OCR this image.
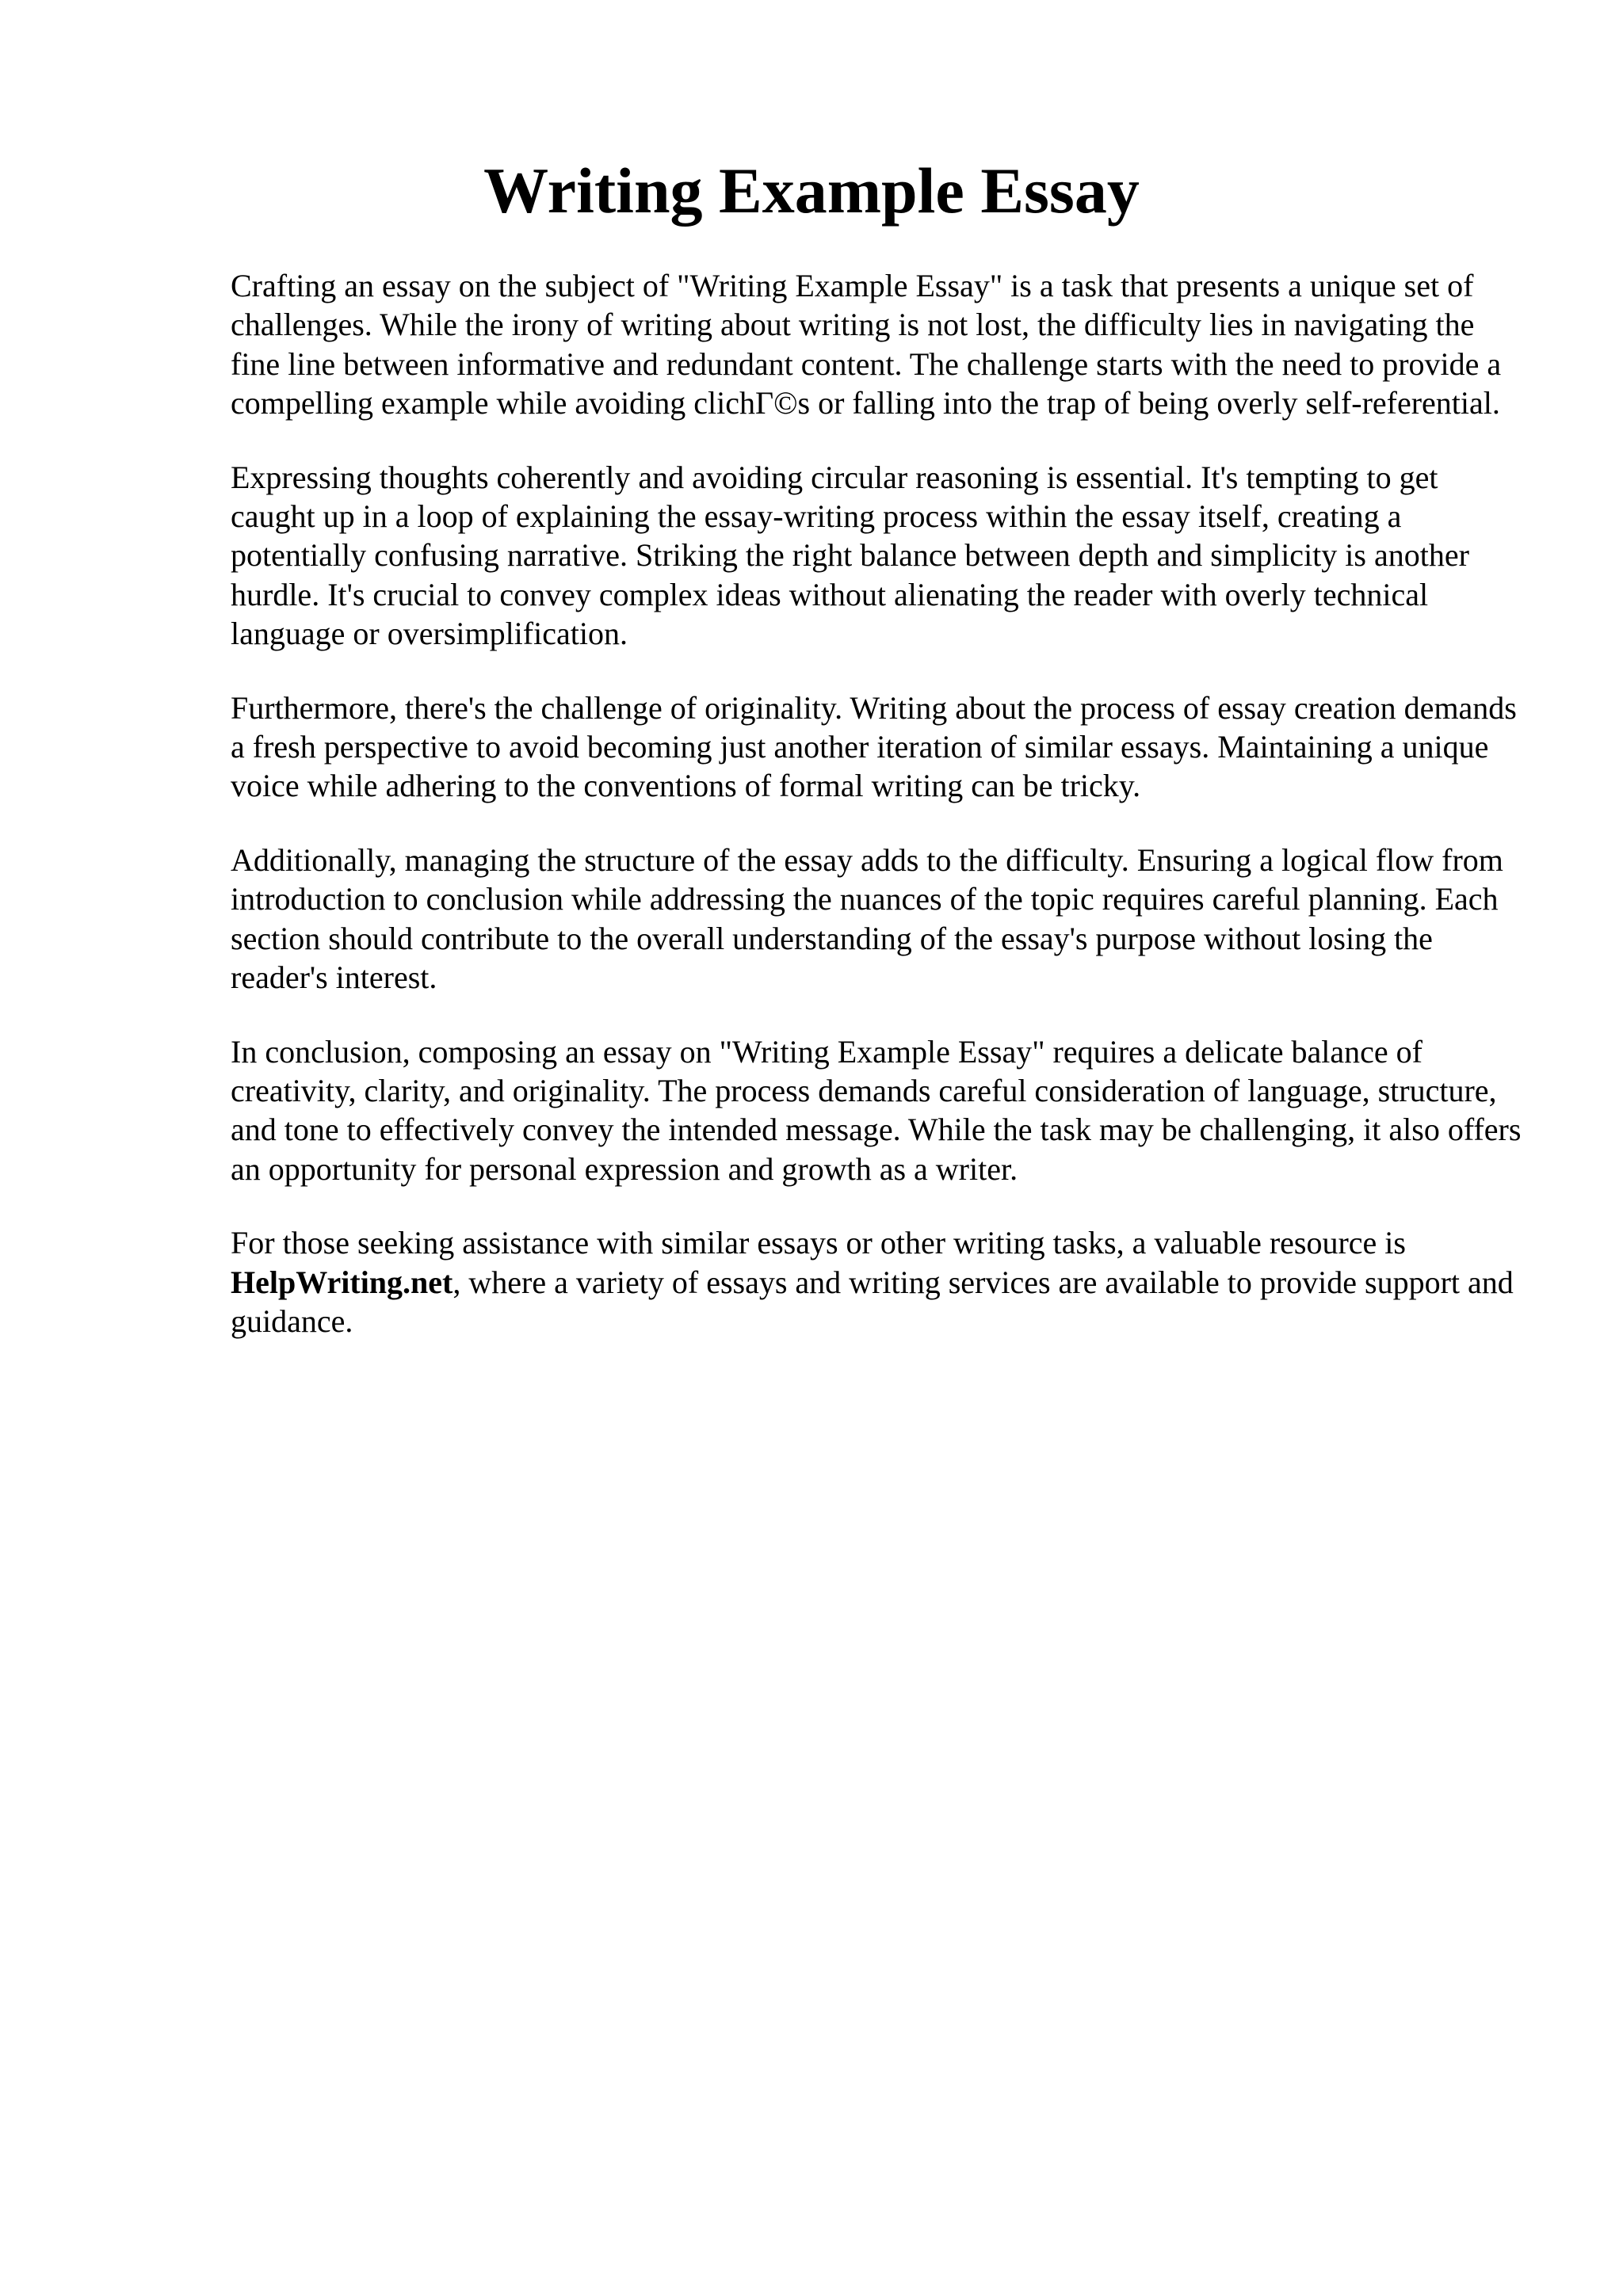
Writing Example Essay

Crafting an essay on the subject of "Writing Example Essay" is a task that presents a unique set of challenges. While the irony of writing about writing is not lost, the difficulty lies in navigating the fine line between informative and redundant content. The challenge starts with the need to provide a compelling example while avoiding clichΓ©s or falling into the trap of being overly self-referential.

Expressing thoughts coherently and avoiding circular reasoning is essential. It's tempting to get caught up in a loop of explaining the essay-writing process within the essay itself, creating a potentially confusing narrative. Striking the right balance between depth and simplicity is another hurdle. It's crucial to convey complex ideas without alienating the reader with overly technical language or oversimplification.

Furthermore, there's the challenge of originality. Writing about the process of essay creation demands a fresh perspective to avoid becoming just another iteration of similar essays. Maintaining a unique voice while adhering to the conventions of formal writing can be tricky.

Additionally, managing the structure of the essay adds to the difficulty. Ensuring a logical flow from introduction to conclusion while addressing the nuances of the topic requires careful planning. Each section should contribute to the overall understanding of the essay's purpose without losing the reader's interest.

In conclusion, composing an essay on "Writing Example Essay" requires a delicate balance of creativity, clarity, and originality. The process demands careful consideration of language, structure, and tone to effectively convey the intended message. While the task may be challenging, it also offers an opportunity for personal expression and growth as a writer.

For those seeking assistance with similar essays or other writing tasks, a valuable resource is HelpWriting.net, where a variety of essays and writing services are available to provide support and guidance.
